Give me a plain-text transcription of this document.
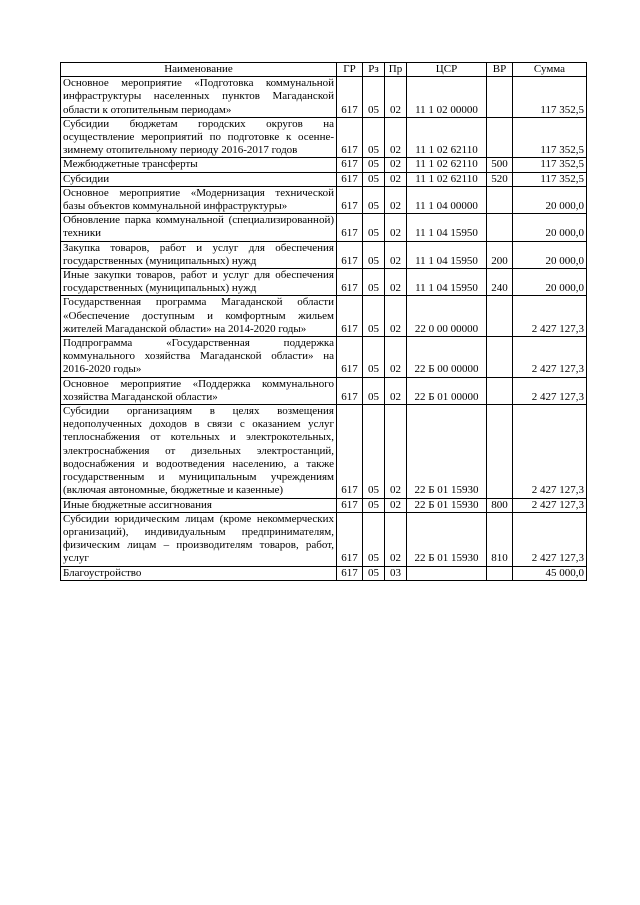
Наименование	ГР	Рз	Пр	ЦСР	ВР	Сумма
Основное мероприятие «Подготовка коммунальной инфраструктуры населенных пунктов Магаданской области к отопительным периодам»	617	05	02	11 1 02 00000		117 352,5
Субсидии бюджетам городских округов на осуществление мероприятий по подготовке к осенне-зимнему отопительному периоду 2016-2017 годов	617	05	02	11 1 02 62110		117 352,5
Межбюджетные трансферты	617	05	02	11 1 02 62110	500	117 352,5
Субсидии	617	05	02	11 1 02 62110	520	117 352,5
Основное мероприятие «Модернизация технической базы объектов коммунальной инфраструктуры»	617	05	02	11 1 04 00000		20 000,0
Обновление парка коммунальной (специализированной) техники	617	05	02	11 1 04 15950		20 000,0
Закупка товаров, работ и услуг для обеспечения государственных (муниципальных) нужд	617	05	02	11 1 04 15950	200	20 000,0
Иные закупки товаров, работ и услуг для обеспечения государственных (муниципальных) нужд	617	05	02	11 1 04 15950	240	20 000,0
Государственная программа Магаданской области «Обеспечение доступным и комфортным жильем жителей Магаданской области» на 2014-2020 годы»	617	05	02	22 0 00 00000		2 427 127,3
Подпрограмма «Государственная поддержка коммунального хозяйства Магаданской области» на 2016-2020 годы»	617	05	02	22 Б 00 00000		2 427 127,3
Основное мероприятие «Поддержка коммунального хозяйства Магаданской области»	617	05	02	22 Б 01 00000		2 427 127,3
Субсидии организациям в целях возмещения недополученных доходов в связи с оказанием услуг теплоснабжения от котельных и электрокотельных, электроснабжения от дизельных электростанций, водоснабжения и водоотведения населению, а также государственным и муниципальным учреждениям (включая автономные, бюджетные и казенные)	617	05	02	22 Б 01 15930		2 427 127,3
Иные бюджетные ассигнования	617	05	02	22 Б 01 15930	800	2 427 127,3
Субсидии юридическим лицам (кроме некоммерческих организаций), индивидуальным предпринимателям, физическим лицам – производителям товаров, работ, услуг	617	05	02	22 Б 01 15930	810	2 427 127,3
Благоустройство	617	05	03			45 000,0
